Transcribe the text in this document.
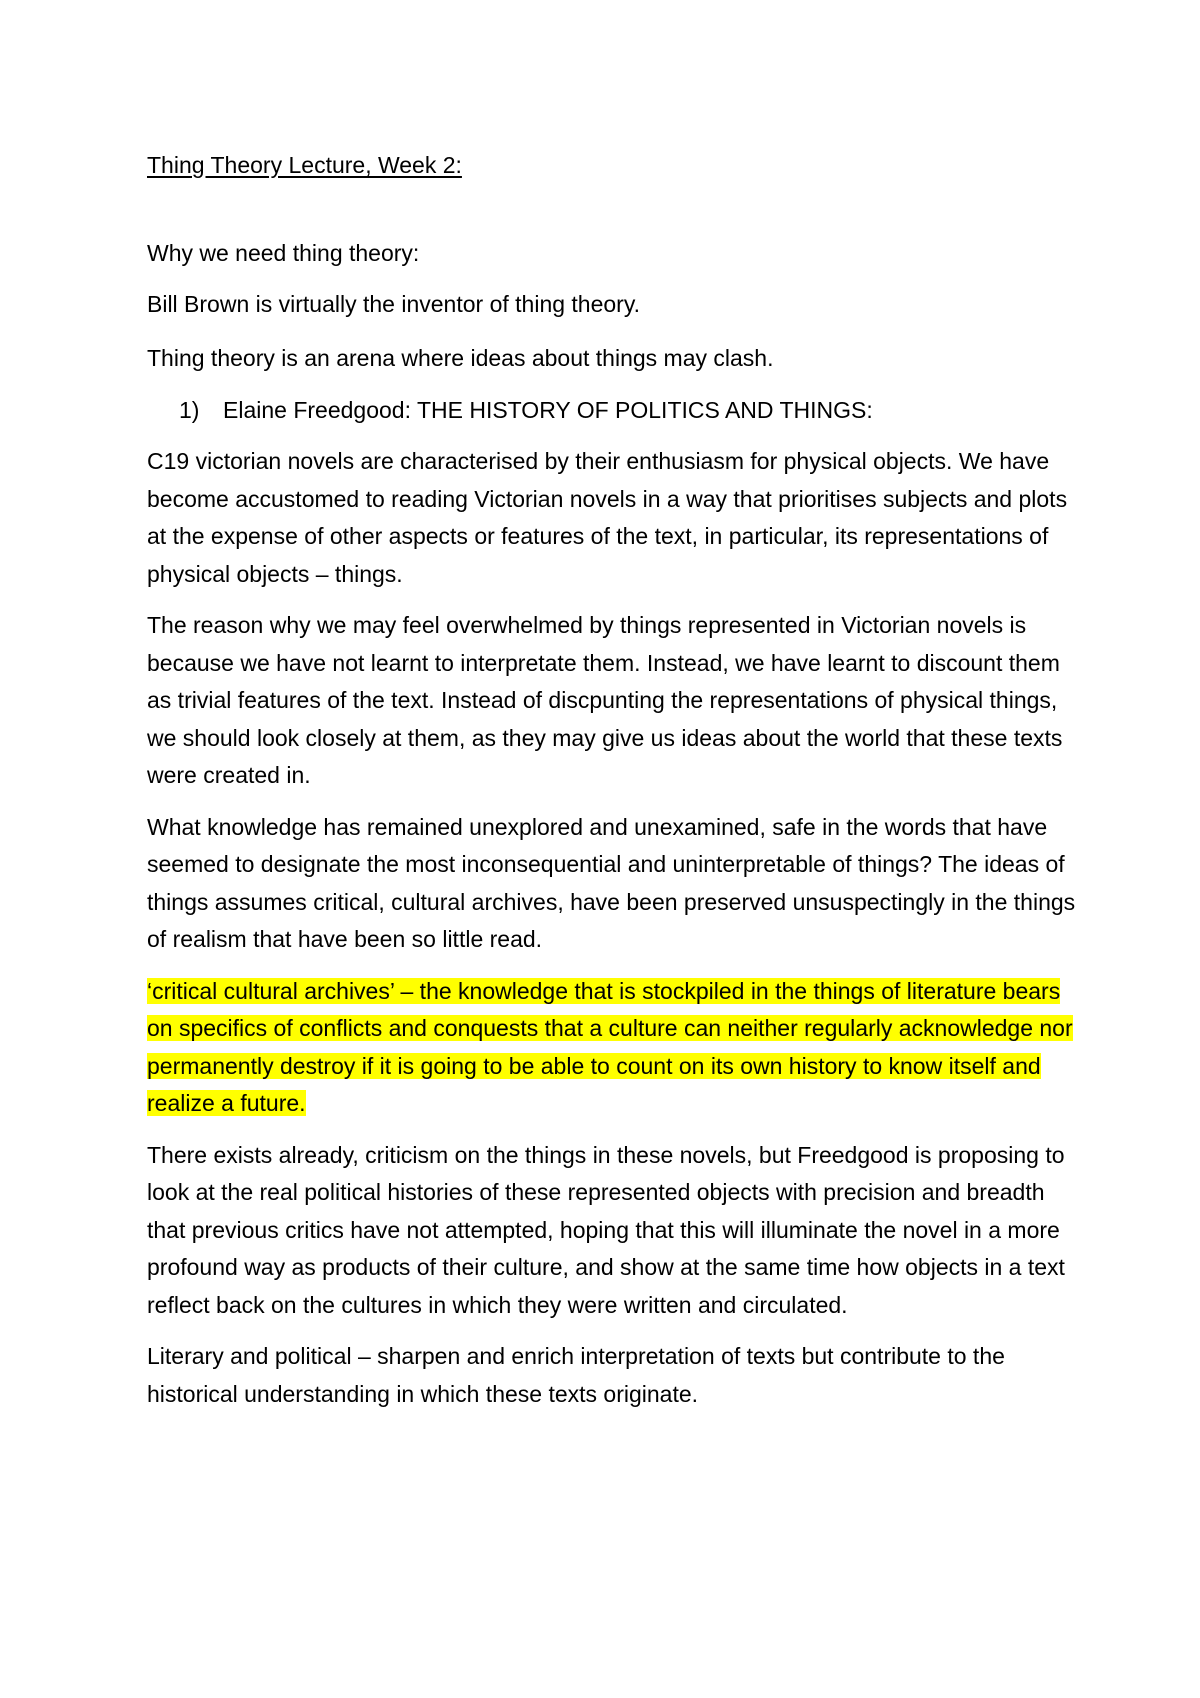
Thing Theory Lecture, Week 2:

Why we need thing theory:

Bill Brown is virtually the inventor of thing theory.

Thing theory is an arena where ideas about things may clash.

1)	Elaine Freedgood: THE HISTORY OF POLITICS AND THINGS:

C19 victorian novels are characterised by their enthusiasm for physical objects. We have become accustomed to reading Victorian novels in a way that prioritises subjects and plots at the expense of other aspects or features of the text, in particular, its representations of physical objects – things.

The reason why we may feel overwhelmed by things represented in Victorian novels is because we have not learnt to interpretate them. Instead, we have learnt to discount them as trivial features of the text. Instead of discpunting the representations of physical things, we should look closely at them, as they may give us ideas about the world that these texts were created in.

What knowledge has remained unexplored and unexamined, safe in the words that have seemed to designate the most inconsequential and uninterpretable of things? The ideas of things assumes critical, cultural archives, have been preserved unsuspectingly in the things of realism that have been so little read.

‘critical cultural archives’ – the knowledge that is stockpiled in the things of literature bears on specifics of conflicts and conquests that a culture can neither regularly acknowledge nor permanently destroy if it is going to be able to count on its own history to know itself and realize a future.

There exists already, criticism on the things in these novels, but Freedgood is proposing to look at the real political histories of these represented objects with precision and breadth that previous critics have not attempted, hoping that this will illuminate the novel in a more profound way as products of their culture, and show at the same time how objects in a text reflect back on the cultures in which they were written and circulated.

Literary and political – sharpen and enrich interpretation of texts but contribute to the historical understanding in which these texts originate.
